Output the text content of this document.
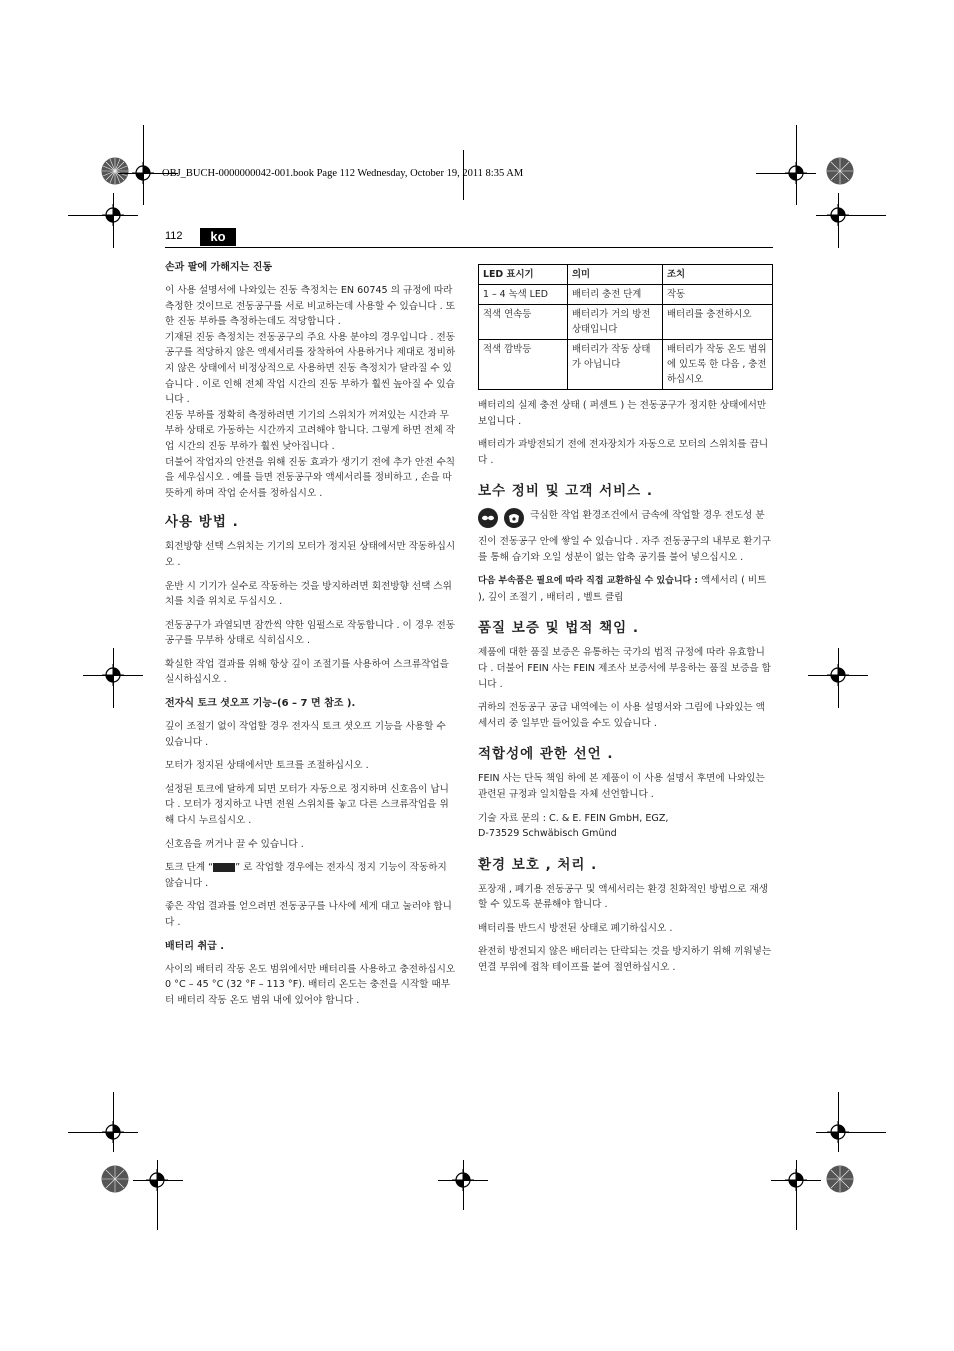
OBJ_BUCH-0000000042-001.book Page 112 Wednesday, October 19, 2011 8:35 AM
112	ko

손과 팔에 가해지는 진동

이 사용 설명서에 나와있는 진동 측정치는 EN 60745 의 규정에 따라 측정한 것이므로 전동공구를 서로 비교하는데 사용할 수 있습니다 . 또한 진동 부하를 측정하는데도 적당합니다 .

기재된 진동 측정치는 전동공구의 주요 사용 분야의 경우입니다 . 전동공구를 적당하지 않은 액세서리를 장착하여 사용하거나 제대로 정비하지 않은 상태에서 비정상적으로 사용하면 진동 측정치가 달라질 수 있습니다 . 이로 인해 전체 작업 시간의 진동 부하가 훨씬 높아질 수 있습니다 .

진동 부하를 정확히 측정하려면 기기의 스위치가 꺼져있는 시간과 무부하 상태로 가동하는 시간까지 고려해야 합니다. 그렇게 하면 전체 작업 시간의 진동 부하가 훨씬 낮아집니다 .

더불어 작업자의 안전을 위해 진동 효과가 생기기 전에 추가 안전 수칙을 세우십시오 . 예를 들면 전동공구와 액세서리를 정비하고 , 손을 따뜻하게 하며 작업 순서를 정하십시오 .

사용 방법 .

회전방향 선택 스위치는 기기의 모터가 정지된 상태에서만 작동하십시오 .

운반 시 기기가 실수로 작동하는 것을 방지하려면 회전방향 선택 스위치를 치즐 위치로 두십시오 .

전동공구가 과열되면 잠깐씩 약한 임펄스로 작동합니다 . 이 경우 전동공구를 무부하 상태로 식히십시오 .

확실한 작업 결과를 위해 항상 깊이 조절기를 사용하여 스크류작업을 실시하십시오 .

전자식 토크 셧오프 기능–(6 – 7 면 참조 ).

깊이 조절기 없이 작업할 경우 전자식 토크 셧오프 기능을 사용할 수 있습니다 .

모터가 정지된 상태에서만 토크를 조절하십시오 .

설정된 토크에 달하게 되면 모터가 자동으로 정지하며 신호음이 납니다 . 모터가 정지하고 나면 전원 스위치를 놓고 다른 스크류작업을 위해 다시 누르십시오 .

신호음을 꺼거나 끌 수 있습니다 .

토크 단계 “ ” 로 작업할 경우에는 전자식 정지 기능이 작동하지 않습니다 .

좋은 작업 결과를 얻으려면 전동공구를 나사에 세게 대고 눌러야 합니다 .

배터리 취급 .

사이의 배터리 작동 온도 범위에서만 배터리를 사용하고 충전하십시오 0 °C – 45 °C (32 °F – 113 °F). 배터리 온도는 충전을 시작할 때부터 배터리 작동 온도 범위 내에 있어야 합니다 .

LED 표시기	의미	조치
1 – 4 녹색 LED	배터리 충전 단계	작동
적색 연속등	배터리가 거의 방전 상태입니다	배터리를 충전하시오
적색 깜박등	배터리가 작동 상태가 아닙니다	배터리가 작동 온도 범위에 있도록 한 다음 , 충전하십시오

배터리의 실제 충전 상태 ( 퍼센트 ) 는 전동공구가 정지한 상태에서만 보입니다 .

배터리가 과방전되기 전에 전자장치가 자동으로 모터의 스위치를 끕니다 .

보수 정비 및 고객 서비스 .

극심한 작업 환경조건에서 금속에 작업할 경우 전도성 분진이 전동공구 안에 쌓일 수 있습니다 . 자주 전동공구의 내부로 환기구를 통해 습기와 오일 성분이 없는 압축 공기를 불어 넣으십시오 .

다음 부속품은 필요에 따라 직접 교환하실 수 있습니다 : 액세서리 ( 비트 ), 깊이 조절기 , 배터리 , 벨트 클립

품질 보증 및 법적 책임 .

제품에 대한 품질 보증은 유통하는 국가의 법적 규정에 따라 유효합니다 . 더불어 FEIN 사는 FEIN 제조사 보증서에 부응하는 품질 보증을 합니다 .

귀하의 전동공구 공급 내역에는 이 사용 설명서와 그림에 나와있는 액세서리 중 일부만 들어있을 수도 있습니다 .

적합성에 관한 선언 .

FEIN 사는 단독 책임 하에 본 제품이 이 사용 설명서 후면에 나와있는 관련된 규정과 일치함을 자체 선언합니다 .

기술 자료 문의 : C. & E. FEIN GmbH, EGZ,

D-73529 Schwäbisch Gmünd

환경 보호 , 처리 .

포장재 , 폐기용 전동공구 및 액세서리는 환경 친화적인 방법으로 재생할 수 있도록 분류해야 합니다 .

배터리를 반드시 방전된 상태로 폐기하십시오 .

완전히 방전되지 않은 배터리는 단락되는 것을 방지하기 위해 끼워넣는 연결 부위에 접착 테이프를 붙여 절연하십시오 .
